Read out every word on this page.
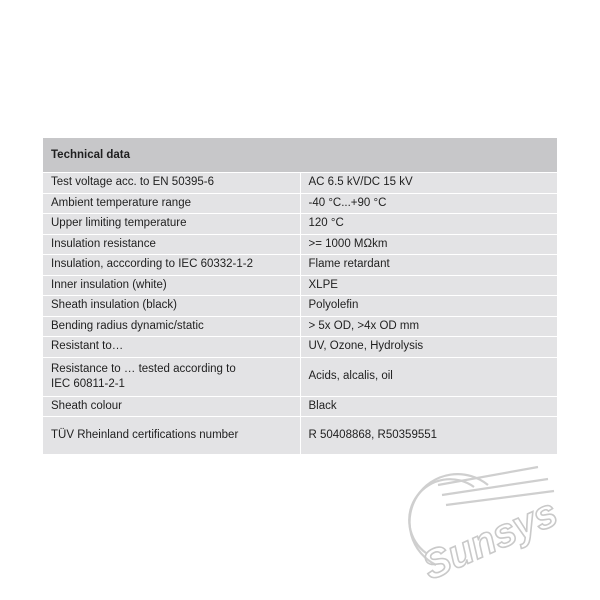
Technical data	
Test voltage acc. to EN 50395-6	AC 6.5 kV/DC 15 kV
Ambient temperature range	-40 °C...+90 °C
Upper limiting temperature	120 °C
Insulation resistance	>= 1000 MΩkm
Insulation, acccording to IEC 60332-1-2	Flame retardant
Inner insulation (white)	XLPE
Sheath insulation (black)	Polyolefin
Bending radius dynamic/static	> 5x OD, >4x OD mm
Resistant to…	UV, Ozone, Hydrolysis

Resistance to … tested according to
IEC 60811-2-1	Acids, alcalis, oil
Sheath colour	Black
TÜV Rheinland certifications number	R 50408868, R50359551
Sunsys
